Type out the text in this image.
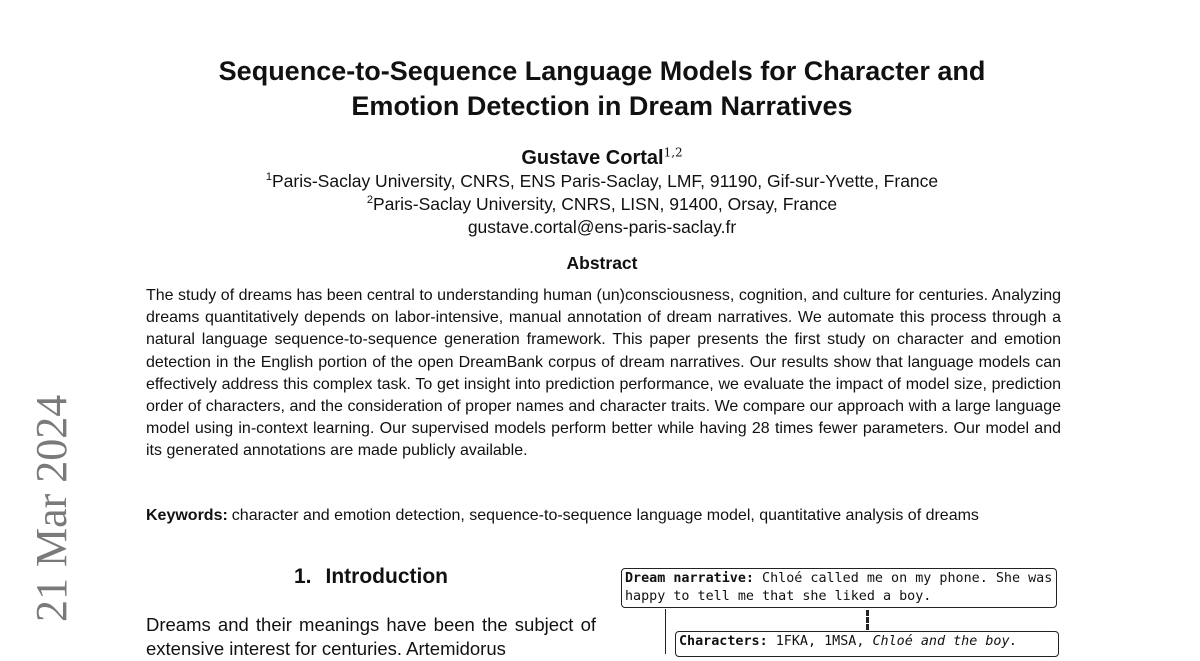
21 Mar 2024
Sequence-to-Sequence Language Models for Character and
Emotion Detection in Dream Narratives
Gustave Cortal$^{1,2}$
$^1$Paris-Saclay University, CNRS, ENS Paris-Saclay, LMF, 91190, Gif-sur-Yvette, France
$^2$Paris-Saclay University, CNRS, LISN, 91400, Orsay, France
gustave.cortal@ens-paris-saclay.fr
Abstract
The study of dreams has been central to understanding human (un)consciousness, cognition, and culture for centuries. Analyzing dreams quantitatively depends on labor-intensive, manual annotation of dream narratives. We automate this process through a natural language sequence-to-sequence generation framework. This paper presents the first study on character and emotion detection in the English portion of the open DreamBank corpus of dream narratives. Our results show that language models can effectively address this complex task. To get insight into prediction performance, we evaluate the impact of model size, prediction order of characters, and the consideration of proper names and character traits. We compare our approach with a large language model using in-context learning. Our supervised models perform better while having 28 times fewer parameters. Our model and its generated annotations are made publicly available.
Keywords: character and emotion detection, sequence-to-sequence language model, quantitative analysis of dreams
1. Introduction
Dreams and their meanings have been the subject of extensive interest for centuries. Artemidorus
Dream narrative: Chloé called me on my phone. She was happy to tell me that she liked a boy.
Characters: 1FKA, 1MSA, Chloé and the boy.
